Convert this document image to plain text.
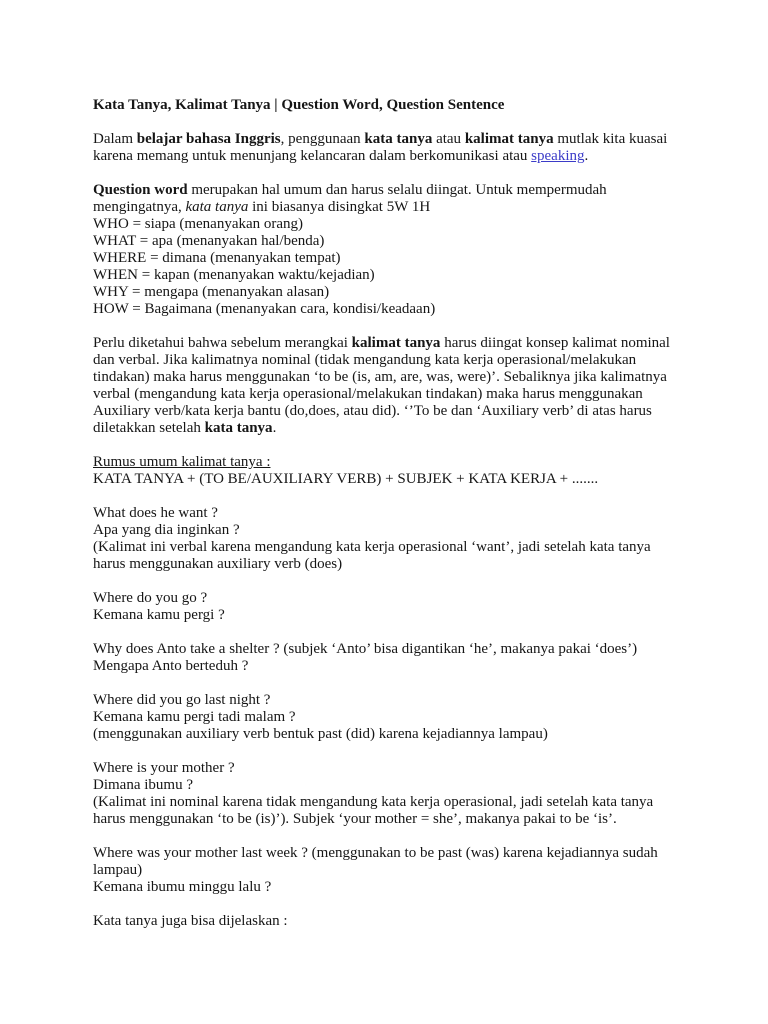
Kata Tanya, Kalimat Tanya | Question Word, Question Sentence

Dalam belajar bahasa Inggris, penggunaan kata tanya atau kalimat tanya mutlak kita kuasai karena memang untuk menunjang kelancaran dalam berkomunikasi atau speaking.

Question word merupakan hal umum dan harus selalu diingat. Untuk mempermudah mengingatnya, kata tanya ini biasanya disingkat 5W 1H
WHO = siapa (menanyakan orang)
WHAT = apa (menanyakan hal/benda)
WHERE = dimana (menanyakan tempat)
WHEN = kapan (menanyakan waktu/kejadian)
WHY = mengapa (menanyakan alasan)
HOW = Bagaimana (menanyakan cara, kondisi/keadaan)

Perlu diketahui bahwa sebelum merangkai kalimat tanya harus diingat konsep kalimat nominal dan verbal. Jika kalimatnya nominal (tidak mengandung kata kerja operasional/melakukan tindakan) maka harus menggunakan ‘to be (is, am, are, was, were)’. Sebaliknya jika kalimatnya verbal (mengandung kata kerja operasional/melakukan tindakan) maka harus menggunakan Auxiliary verb/kata kerja bantu (do,does, atau did). ‘’To be dan ‘Auxiliary verb’ di atas harus diletakkan setelah kata tanya.

Rumus umum kalimat tanya :
KATA TANYA + (TO BE/AUXILIARY VERB) + SUBJEK + KATA KERJA + .......
What does he want ?
Apa yang dia inginkan ?
(Kalimat ini verbal karena mengandung kata kerja operasional ‘want’, jadi setelah kata tanya harus menggunakan auxiliary verb (does)
Where do you go ?
Kemana kamu pergi ?
Why does Anto take a shelter ? (subjek ‘Anto’ bisa digantikan ‘he’, makanya pakai ‘does’)
Mengapa Anto berteduh ?
Where did you go last night ?
Kemana kamu pergi tadi malam ?
(menggunakan auxiliary verb bentuk past (did) karena kejadiannya lampau)
Where is your mother ?
Dimana ibumu ?
(Kalimat ini nominal karena tidak mengandung kata kerja operasional, jadi setelah kata tanya harus menggunakan ‘to be (is)’). Subjek ‘your mother = she’, makanya pakai to be ‘is’.
Where was your mother last week ? (menggunakan to be past (was) karena kejadiannya sudah lampau)
Kemana ibumu minggu lalu ?
Kata tanya juga bisa dijelaskan :
